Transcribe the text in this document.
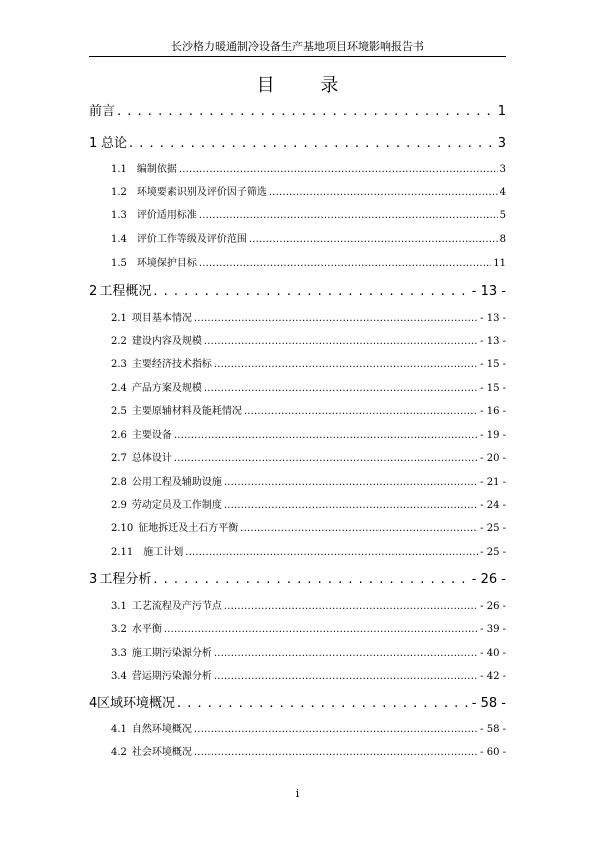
长沙格力暖通制冷设备生产基地项目环境影响报告书
目 录
前言 . . .	1
1 总论 . . .	3
1.1 编制依据 .....	3
1.2 环境要素识别及评价因子筛选 .....	4
1.3 评价适用标准 .....	5
1.4 评价工作等级及评价范围 .....	8
1.5 环境保护目标 .....	11
2 工程概况 . . .	- 13 -
2.1 项目基本情况 .....	- 13 -
2.2 建设内容及规模 .....	- 13 -
2.3 主要经济技术指标 .....	- 15 -
2.4 产品方案及规模 .....	- 15 -
2.5 主要原辅材料及能耗情况 .....	- 16 -
2.6 主要设备 .....	- 19 -
2.7 总体设计 .....	- 20 -
2.8 公用工程及辅助设施 .....	- 21 -
2.9 劳动定员及工作制度 .....	- 24 -
2.10 征地拆迁及土石方平衡 .....	- 25 -
2.11 施工计划 .....	- 25 -
3 工程分析 . . .	- 26 -
3.1 工艺流程及产污节点 .....	- 26 -
3.2 水平衡 .....	- 39 -
3.3 施工期污染源分析 .....	- 40 -
3.4 营运期污染源分析 .....	- 42 -
4 区域环境概况 . . .	- 58 -
4.1 自然环境概况 .....	- 58 -
4.2 社会环境概况 .....	- 60 -
i
